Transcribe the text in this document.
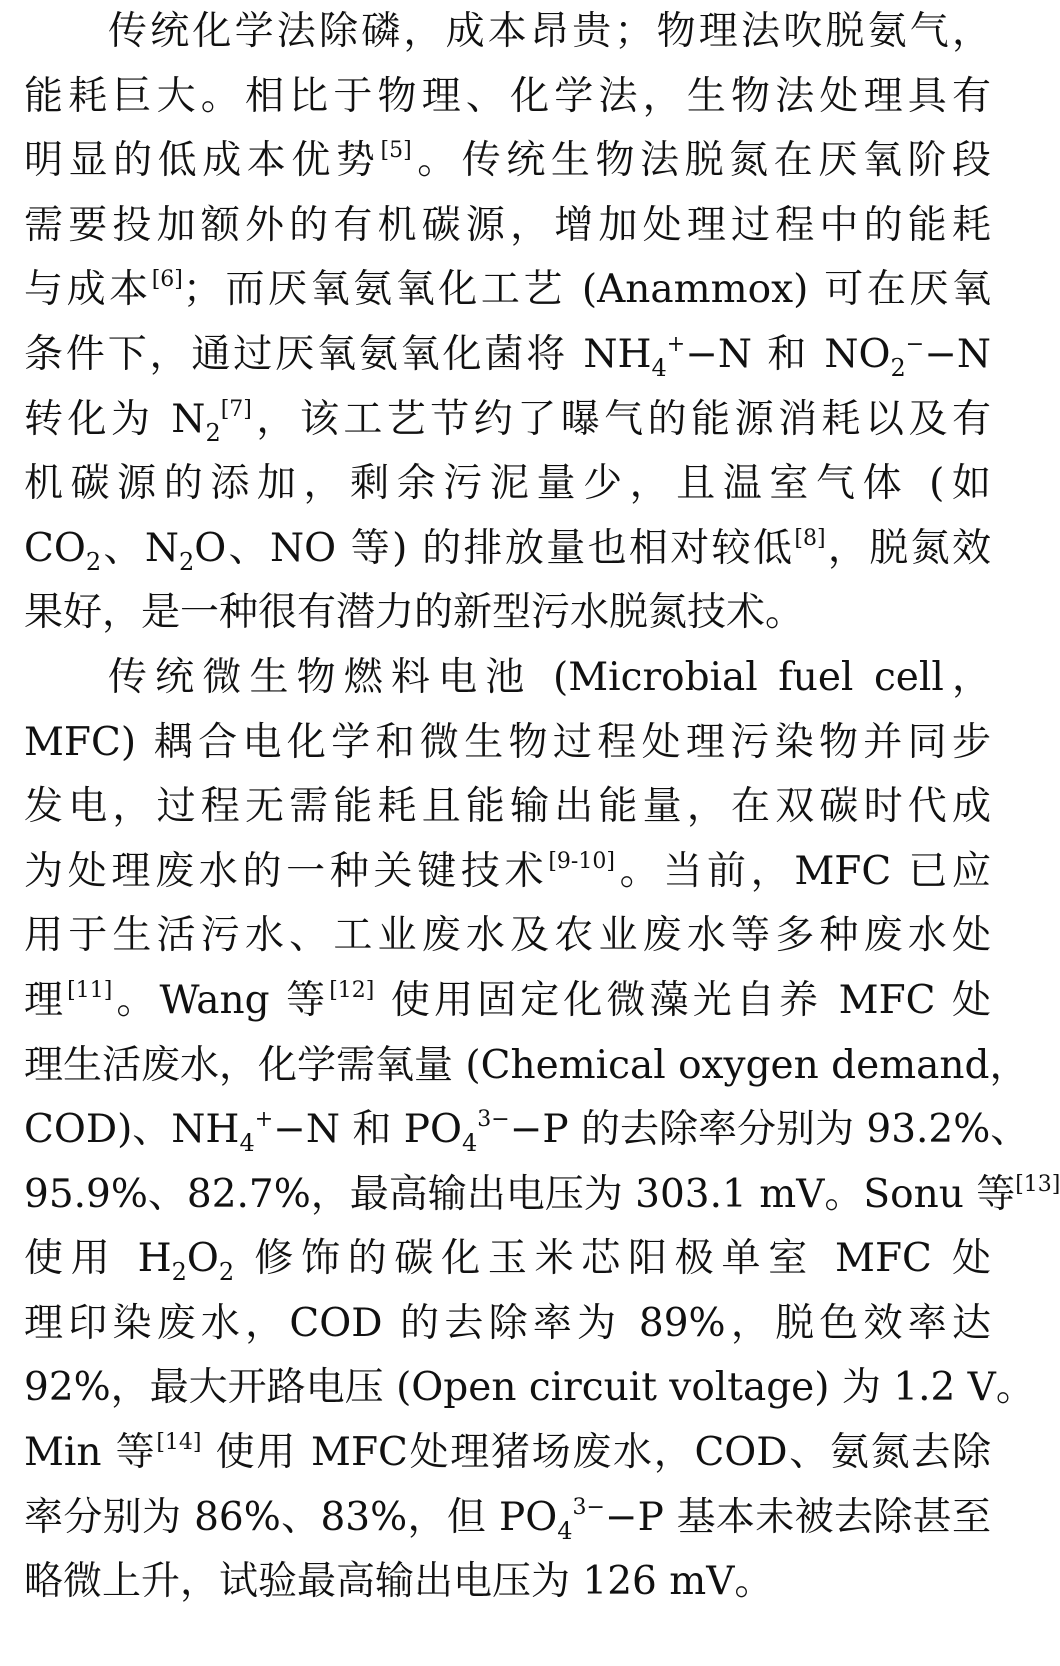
传统化学法除磷，成本昂贵；物理法吹脱氨气，
能耗巨大。相比于物理、化学法，生物法处理具有
明显的低成本优势[5]。传统生物法脱氮在厌氧阶段
需要投加额外的有机碳源，增加处理过程中的能耗
与成本[6]；而厌氧氨氧化工艺 (Anammox) 可在厌氧
条件下，通过厌氧氨氧化菌将 $NH_4^+-N$ 和 $NO_2^--N$
转化为 $N_2[7]$，该工艺节约了曝气的能源消耗以及有
机碳源的添加，剩余污泥量少，且温室气体 (如
$CO_2$、$N_2O$、NO 等) 的排放量也相对较低[8]，脱氮效
果好，是一种很有潜力的新型污水脱氮技术。
传统微生物燃料电池 (Microbial fuel cell，
MFC) 耦合电化学和微生物过程处理污染物并同步
发电，过程无需能耗且能输出能量，在双碳时代成
为处理废水的一种关键技术[9-10]。当前，MFC 已应
用于生活污水、工业废水及农业废水等多种废水处
理[11]。Wang 等[12] 使用固定化微藻光自养 MFC 处
理生活废水，化学需氧量 (Chemical oxygen demand，
COD)、$NH_4^+-N$ 和 $PO_4^{3-}-P$ 的去除率分别为 93.2%、
95.9%、82.7%，最高输出电压为 303.1 mV。Sonu 等[13]
使用 $H_2O_2$ 修饰的碳化玉米芯阳极单室 MFC 处
理印染废水，COD 的去除率为 89%，脱色效率达
92%，最大开路电压 (Open circuit voltage) 为 1.2 V。
Min 等[14] 使用 MFC处理猪场废水，COD、氨氮去除
率分别为 86%、83%，但 $PO_4^{3-}-P$ 基本未被去除甚至
略微上升，试验最高输出电压为 126 mV。
